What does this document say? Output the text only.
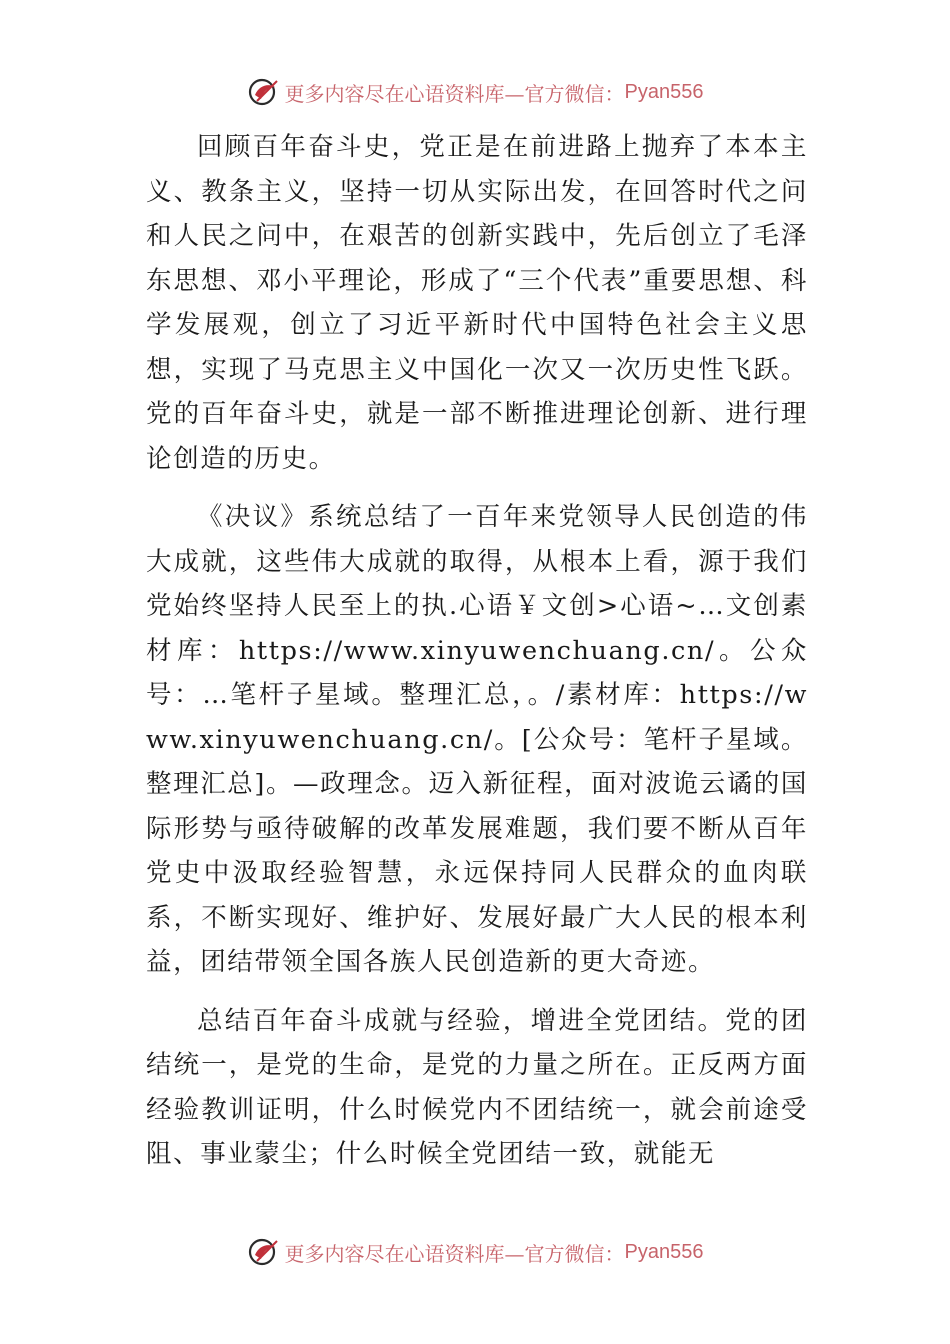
更多内容尽在心语资料库—官方微信： Pyan556

回顾百年奋斗史，党正是在前进路上抛弃了本本主义、教条主义，坚持一切从实际出发，在回答时代之问和人民之问中，在艰苦的创新实践中，先后创立了毛泽东思想、邓小平理论，形成了“三个代表”重要思想、科学发展观，创立了习近平新时代中国特色社会主义思想，实现了马克思主义中国化一次又一次历史性飞跃。党的百年奋斗史，就是一部不断推进理论创新、进行理论创造的历史。

《决议》系统总结了一百年来党领导人民创造的伟大成就，这些伟大成就的取得，从根本上看，源于我们党始终坚持人民至上的执.心语￥文创>心语~…文创素材库：https://www.xinyuwenchuang.cn/。公众号：…笔杆子星域。整理汇总，。/素材库：https://www.xinyuwenchuang.cn/。[公众号：笔杆子星域。整理汇总]。—政理念。迈入新征程，面对波诡云谲的国际形势与亟待破解的改革发展难题，我们要不断从百年党史中汲取经验智慧，永远保持同人民群众的血肉联系，不断实现好、维护好、发展好最广大人民的根本利益，团结带领全国各族人民创造新的更大奇迹。

总结百年奋斗成就与经验，增进全党团结。党的团结统一，是党的生命，是党的力量之所在。正反两方面经验教训证明，什么时候党内不团结统一，就会前途受阻、事业蒙尘；什么时候全党团结一致，就能无

更多内容尽在心语资料库—官方微信： Pyan556
